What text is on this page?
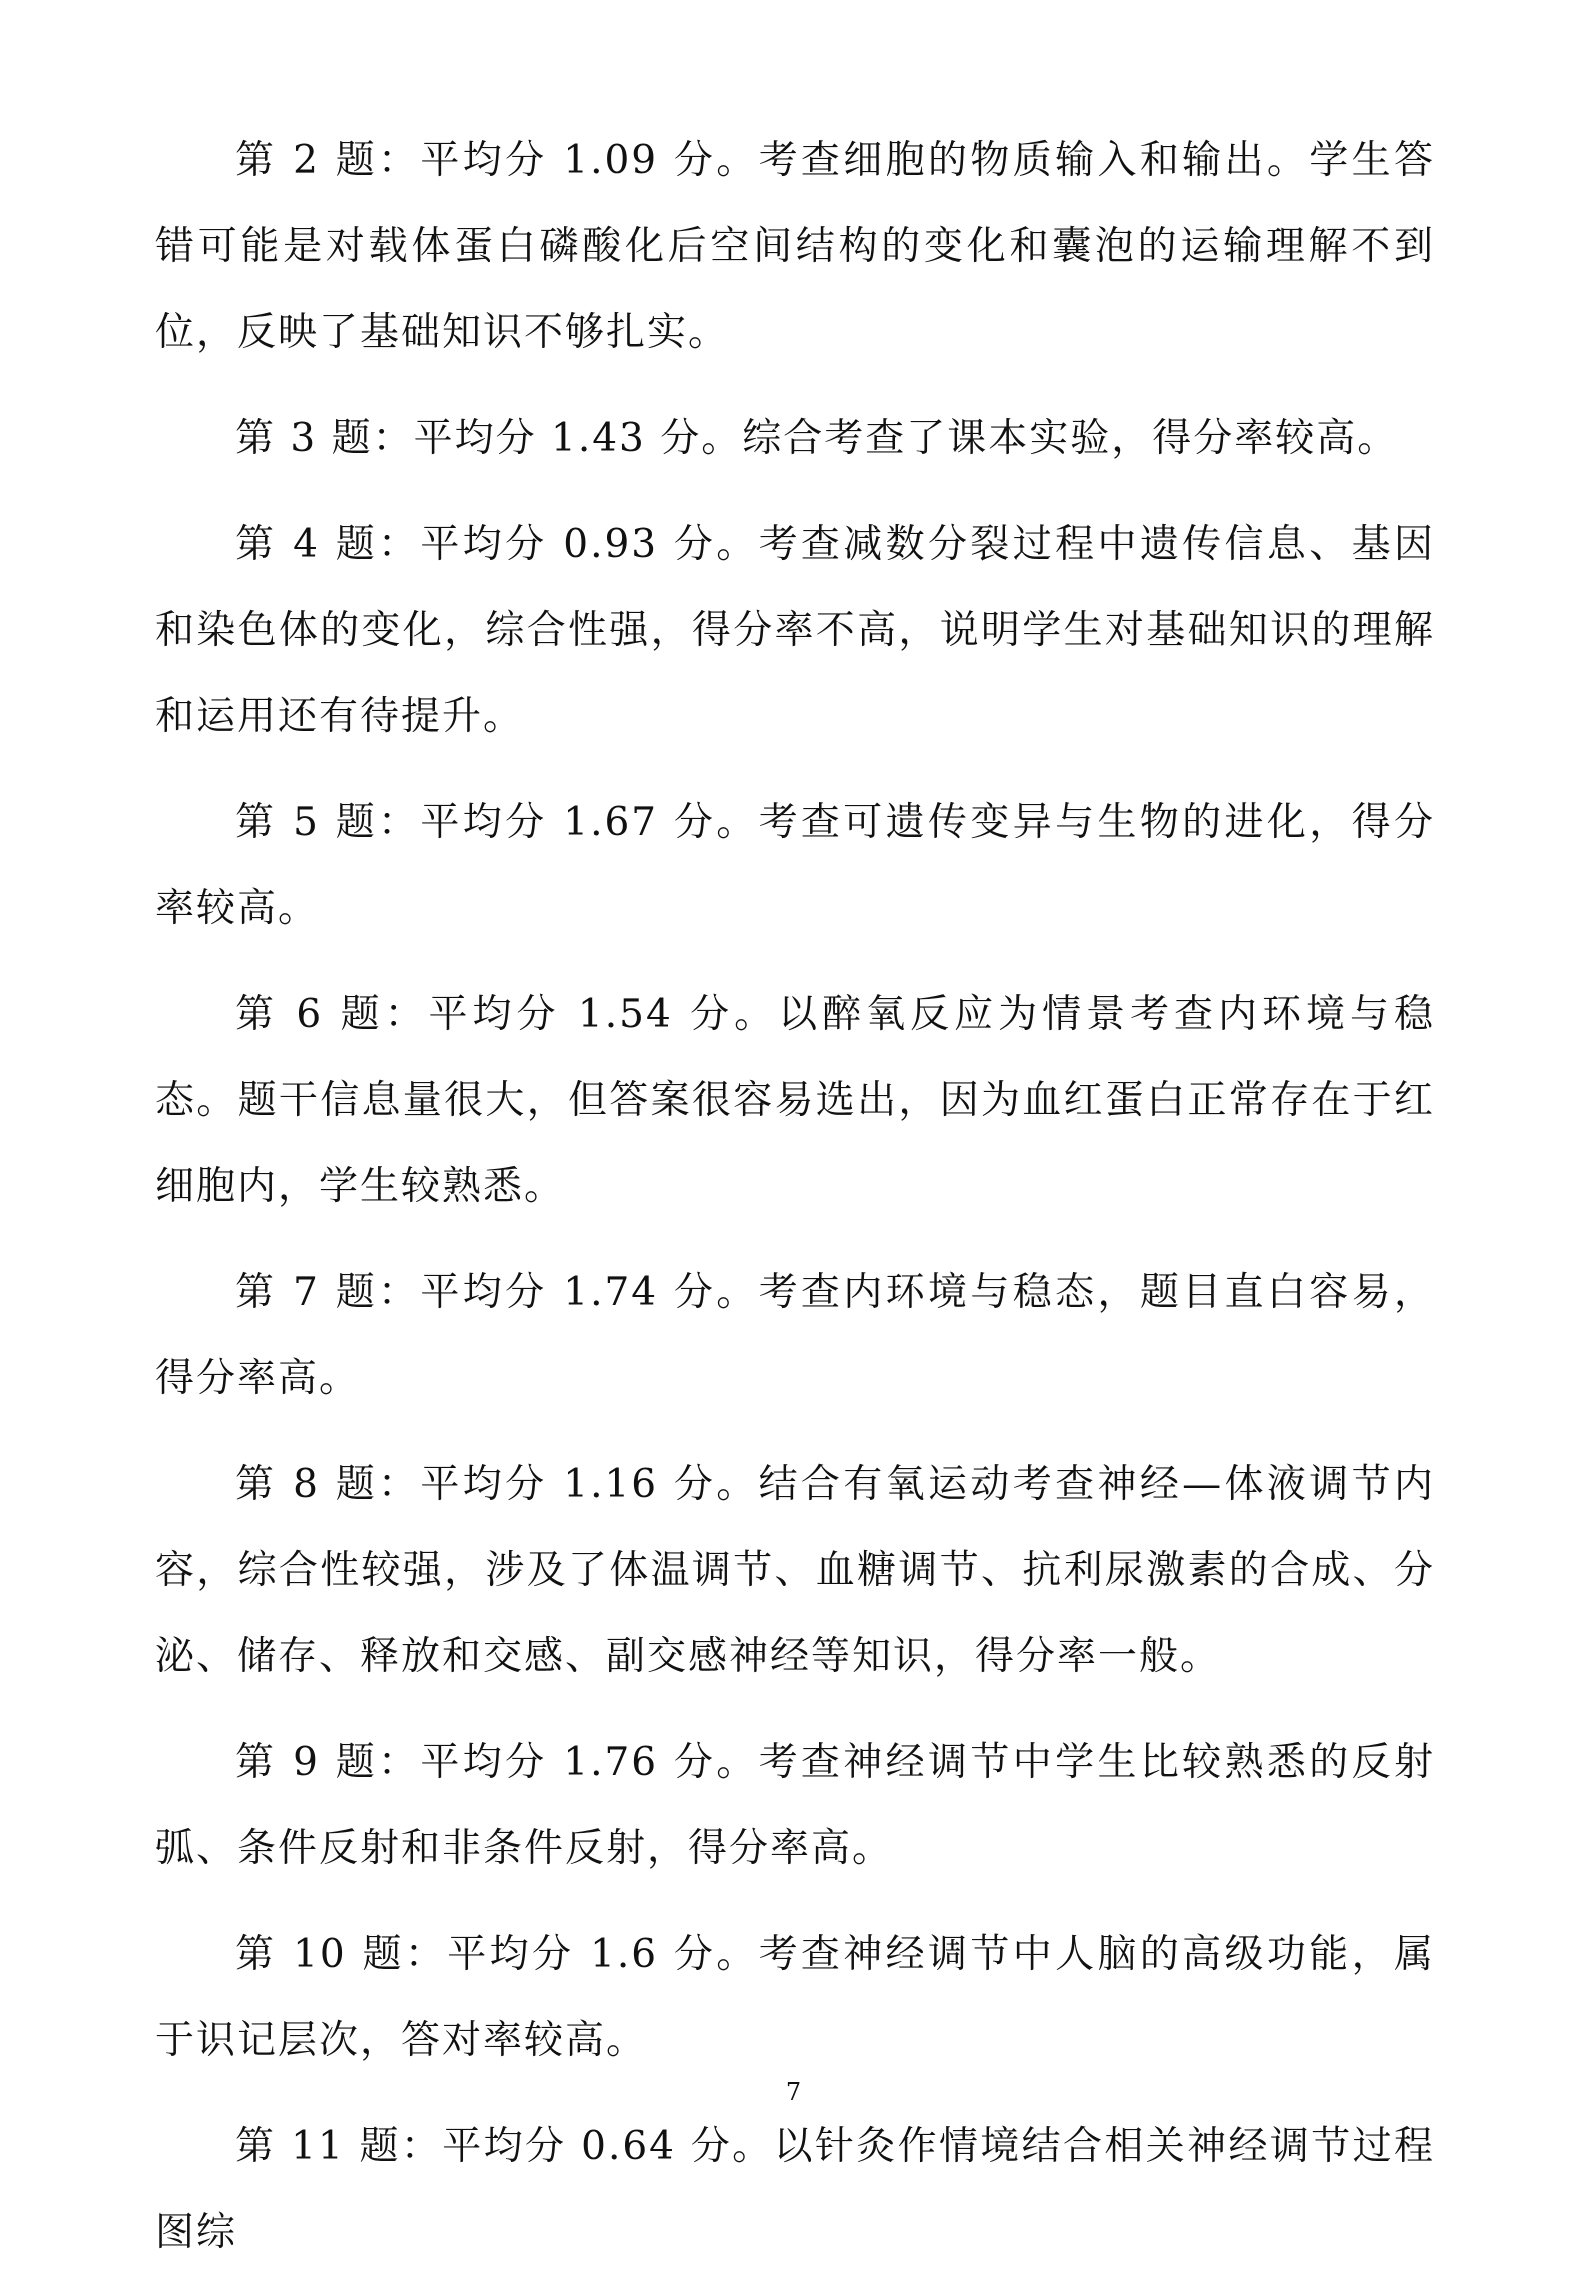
第 2 题：平均分 1.09 分。考查细胞的物质输入和输出。学生答错可能是对载体蛋白磷酸化后空间结构的变化和囊泡的运输理解不到位，反映了基础知识不够扎实。

第 3 题：平均分 1.43 分。综合考查了课本实验，得分率较高。

第 4 题：平均分 0.93 分。考查减数分裂过程中遗传信息、基因和染色体的变化，综合性强，得分率不高，说明学生对基础知识的理解和运用还有待提升。

第 5 题：平均分 1.67 分。考查可遗传变异与生物的进化，得分率较高。

第 6 题：平均分 1.54 分。以醉氧反应为情景考查内环境与稳态。题干信息量很大，但答案很容易选出，因为血红蛋白正常存在于红细胞内，学生较熟悉。

第 7 题：平均分 1.74 分。考查内环境与稳态，题目直白容易，得分率高。

第 8 题：平均分 1.16 分。结合有氧运动考查神经—体液调节内容，综合性较强，涉及了体温调节、血糖调节、抗利尿激素的合成、分泌、储存、释放和交感、副交感神经等知识，得分率一般。

第 9 题：平均分 1.76 分。考查神经调节中学生比较熟悉的反射弧、条件反射和非条件反射，得分率高。

第 10 题：平均分 1.6 分。考查神经调节中人脑的高级功能，属于识记层次，答对率较高。

第 11 题：平均分 0.64 分。以针灸作情境结合相关神经调节过程图综

7
